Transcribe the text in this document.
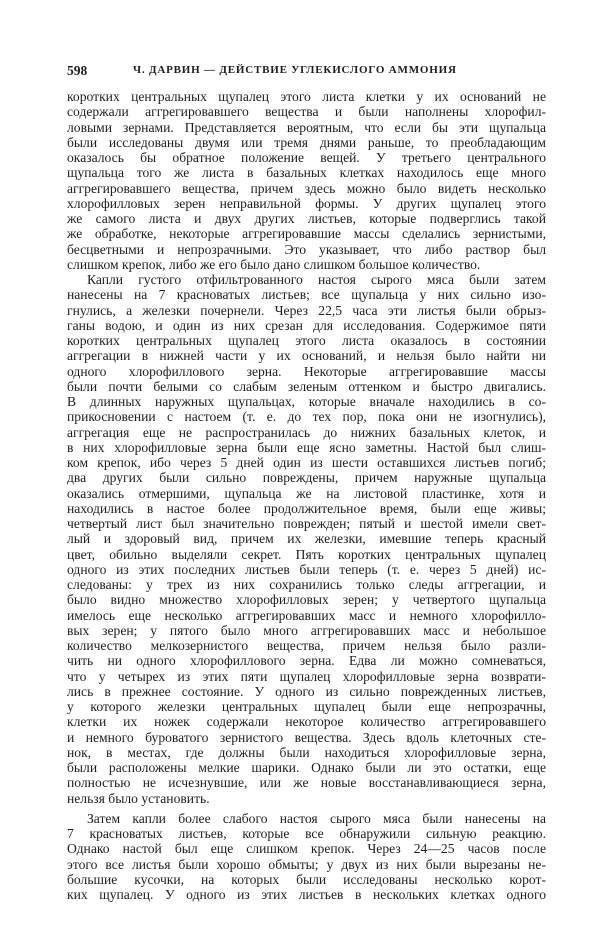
598	Ч. ДАРВИН — ДЕЙСТВИЕ УГЛЕКИСЛОГО АММОНИЯ
коротких центральных щупалец этого листа клетки у их оснований не
содержали аггрегировавшего вещества и были наполнены хлорофил-
ловыми зернами. Представляется вероятным, что если бы эти щупальца
были исследованы двумя или тремя днями раньше, то преобладающим
оказалось бы обратное положение вещей. У третьего центрального
щупальца того же листа в базальных клетках находилось еще много
аггрегировавшего вещества, причем здесь можно было видеть несколько
хлорофилловых зерен неправильной формы. У других щупалец этого
же самого листа и двух других листьев, которые подверглись такой
же обработке, некоторые аггрегировавшие массы сделались зернистыми,
бесцветными и непрозрачными. Это указывает, что либо раствор был
слишком крепок, либо же его было дано слишком большое количество.
Капли густого отфильтрованного настоя сырого мяса были затем
нанесены на 7 красноватых листьев; все щупальца у них сильно изо-
гнулись, а железки почернели. Через 22,5 часа эти листья были обрыз-
ганы водою, и один из них срезан для исследования. Содержимое пяти
коротких центральных щупалец этого листа оказалось в состоянии
аггрегации в нижней части у их оснований, и нельзя было найти ни
одного хлорофиллового зерна. Некоторые аггрегировавшие массы
были почти белыми со слабым зеленым оттенком и быстро двигались.
В длинных наружных щупальцах, которые вначале находились в со-
прикосновении с настоем (т. е. до тех пор, пока они не изогнулись),
аггрегация еще не распространилась до нижних базальных клеток, и
в них хлорофилловые зерна были еще ясно заметны. Настой был слиш-
ком крепок, ибо через 5 дней один из шести оставшихся листьев погиб;
два других были сильно повреждены, причем наружные щупальца
оказались отмершими, щупальца же на листовой пластинке, хотя и
находились в настое более продолжительное время, были еще живы;
четвертый лист был значительно поврежден; пятый и шестой имели свет-
лый и здоровый вид, причем их железки, имевшие теперь красный
цвет, обильно выделяли секрет. Пять коротких центральных щупалец
одного из этих последних листьев были теперь (т. е. через 5 дней) ис-
следованы: у трех из них сохранились только следы аггрегации, и
было видно множество хлорофилловых зерен; у четвертого щупальца
имелось еще несколько аггрегировавших масс и немного хлорофилло-
вых зерен; у пятого было много аггрегировавших масс и небольшое
количество мелкозернистого вещества, причем нельзя было разли-
чить ни одного хлорофиллового зерна. Едва ли можно сомневаться,
что у четырех из этих пяти щупалец хлорофилловые зерна возврати-
лись в прежнее состояние. У одного из сильно поврежденных листьев,
у которого железки центральных щупалец были еще непрозрачны,
клетки их ножек содержали некоторое количество аггрегировавшего
и немного буроватого зернистого вещества. Здесь вдоль клеточных сте-
нок, в местах, где должны были находиться хлорофилловые зерна,
были расположены мелкие шарики. Однако были ли это остатки, еще
полностью не исчезнувшие, или же новые восстанавливающиеся зерна,
нельзя было установить.
Затем капли более слабого настоя сырого мяса были нанесены на
7 красноватых листьев, которые все обнаружили сильную реакцию.
Однако настой был еще слишком крепок. Через 24—25 часов после
этого все листья были хорошо обмыты; у двух из них были вырезаны не-
большие кусочки, на которых были исследованы несколько корот-
ких щупалец. У одного из этих листьев в нескольких клетках одного
